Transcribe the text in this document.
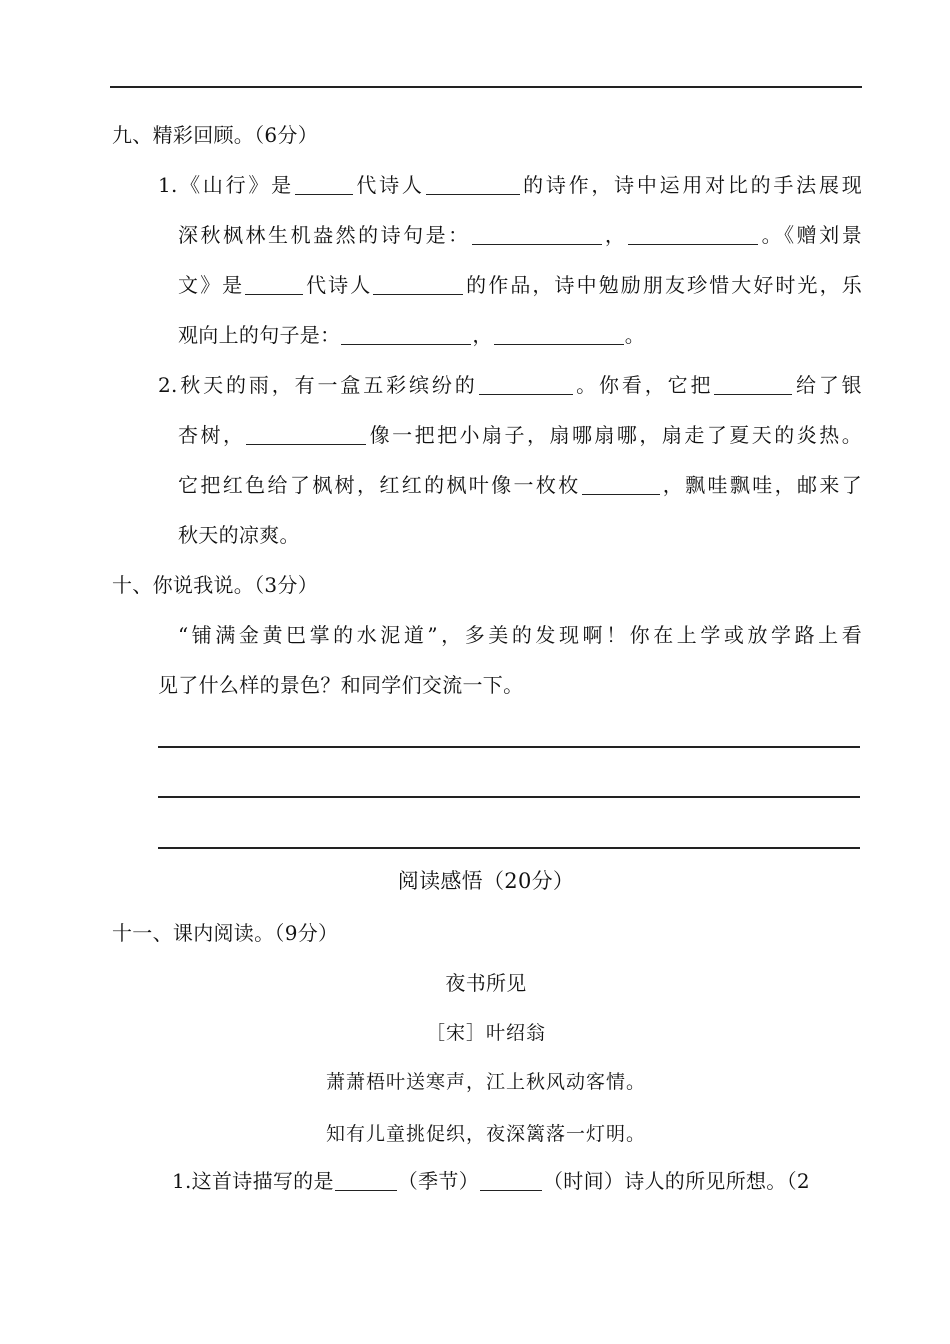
九、精彩回顾。（6分）
1.《山行》是	代诗人	的诗作，诗中运用对比的手法展现
深秋枫林生机盎然的诗句是：	，	。《赠刘景
文》是	代诗人	的作品，诗中勉励朋友珍惜大好时光，乐
观向上的句子是：	，	。
2.秋天的雨，有一盒五彩缤纷的	。你看，它把	给了银
杏树，	像一把把小扇子，扇哪扇哪，扇走了夏天的炎热。
它把红色给了枫树，红红的枫叶像一枚枚	，飘哇飘哇，邮来了
秋天的凉爽。
十、你说我说。（3分）
“铺满金黄巴掌的水泥道”，多美的发现啊！你在上学或放学路上看
见了什么样的景色？和同学们交流一下。
阅读感悟（20分）
十一、课内阅读。（9分）
夜书所见
［宋］叶绍翁
萧萧梧叶送寒声，江上秋风动客情。
知有儿童挑促织，夜深篱落一灯明。
1.这首诗描写的是	（季节）	（时间）诗人的所见所想。（2
